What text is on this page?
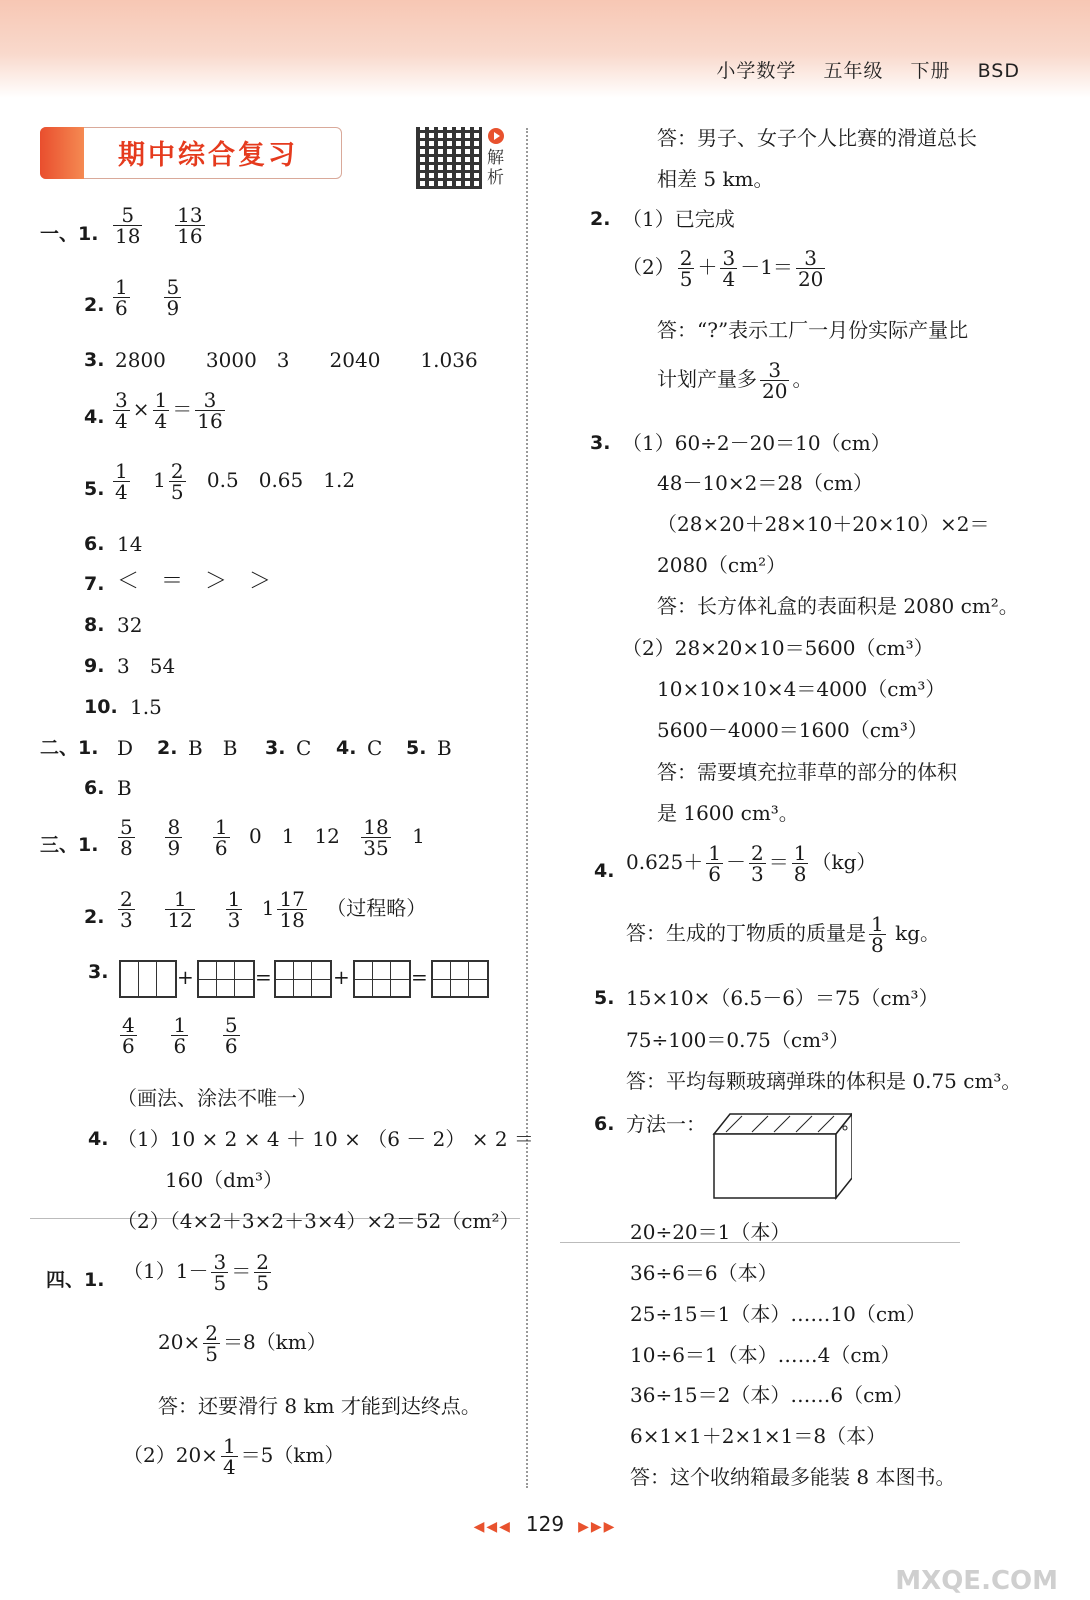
小学数学 五年级 下册 BSD
期中综合复习	解析
一、1. $\frac{5}{18}$
$\frac{13}{16}$
2. $\frac{1}{6}$
$\frac{5}{9}$
3. 2800　　3000　3　　2040　　1.036
4. $\frac{3}{4} \times \frac{1}{4} = \frac{3}{16}$
5. $\frac{1}{4} 1 \frac{2}{5} 0.5$　0.65　1.2
6. 14
7. ＜　＝　＞　＞
8. 32
9. 3　54
10. 1.5
二、1. D 2. B　B 3. C 4. C 5. B
6. B
三、1. $\frac{5}{8}$
$\frac{8}{9}$
$\frac{1}{6} 0$　1　$12 \frac{18}{35} 1$
2. $\frac{2}{3}$
$\frac{1}{12}$
$\frac{1}{3} 1 \frac{17}{18}$ （过程略）
3.	+	=	+	=
$\frac{4}{6}$
$\frac{1}{6}$
$\frac{5}{6}$
（画法、涂法不唯一）
4. （1）10 × 2 × 4 ＋ 10 × （6 － 2） × 2 ＝
160（dm³）
（2）（4×2＋3×2＋3×4）×2＝52（cm²）
四、1. $(1)1- \frac{3}{5} = \frac{2}{5}$
$20\times \frac{2}{5} =8(km)$
答：还要滑行 8 km 才能到达终点。
$(2)20\times \frac{1}{4} =5(km)$
答：男子、女子个人比赛的滑道总长
相差 5 km。
2. （1）已完成
$(2) \frac{2}{5} + \frac{3}{4} -1= \frac{3}{20}$
答：“?”表示工厂一月份实际产量比
计划产量多 $\frac{3}{20}$ 。
3. （1）60÷2－20＝10（cm）
48－10×2＝28（cm）
（28×20＋28×10＋20×10）×2＝
2080（cm²）
答：长方体礼盒的表面积是 2080 cm²。
（2）28×20×10＝5600（cm³）
10×10×10×4＝4000（cm³）
5600－4000＝1600（cm³）
答：需要填充拉菲草的部分的体积
是 1600 cm³。
4. $0.625+ \frac{1}{6} - \frac{2}{3} = \frac{1}{8} (kg)$
答：生成的丁物质的质量是 $\frac{1}{8}$ kg。
5. 15×10×（6.5－6）＝75（cm³）
75÷100＝0.75（cm³）
答：平均每颗玻璃弹珠的体积是 0.75 cm³。
6. 方法一：
20÷20＝1（本）
36÷6＝6（本）
25÷15＝1（本）……10（cm）
10÷6＝1（本）……4（cm）
36÷15＝2（本）……6（cm）
6×1×1＋2×1×1＝8（本）
答：这个收纳箱最多能装 8 本图书。
◀◀◀ 129 ▶▶▶
MXQE.COM
